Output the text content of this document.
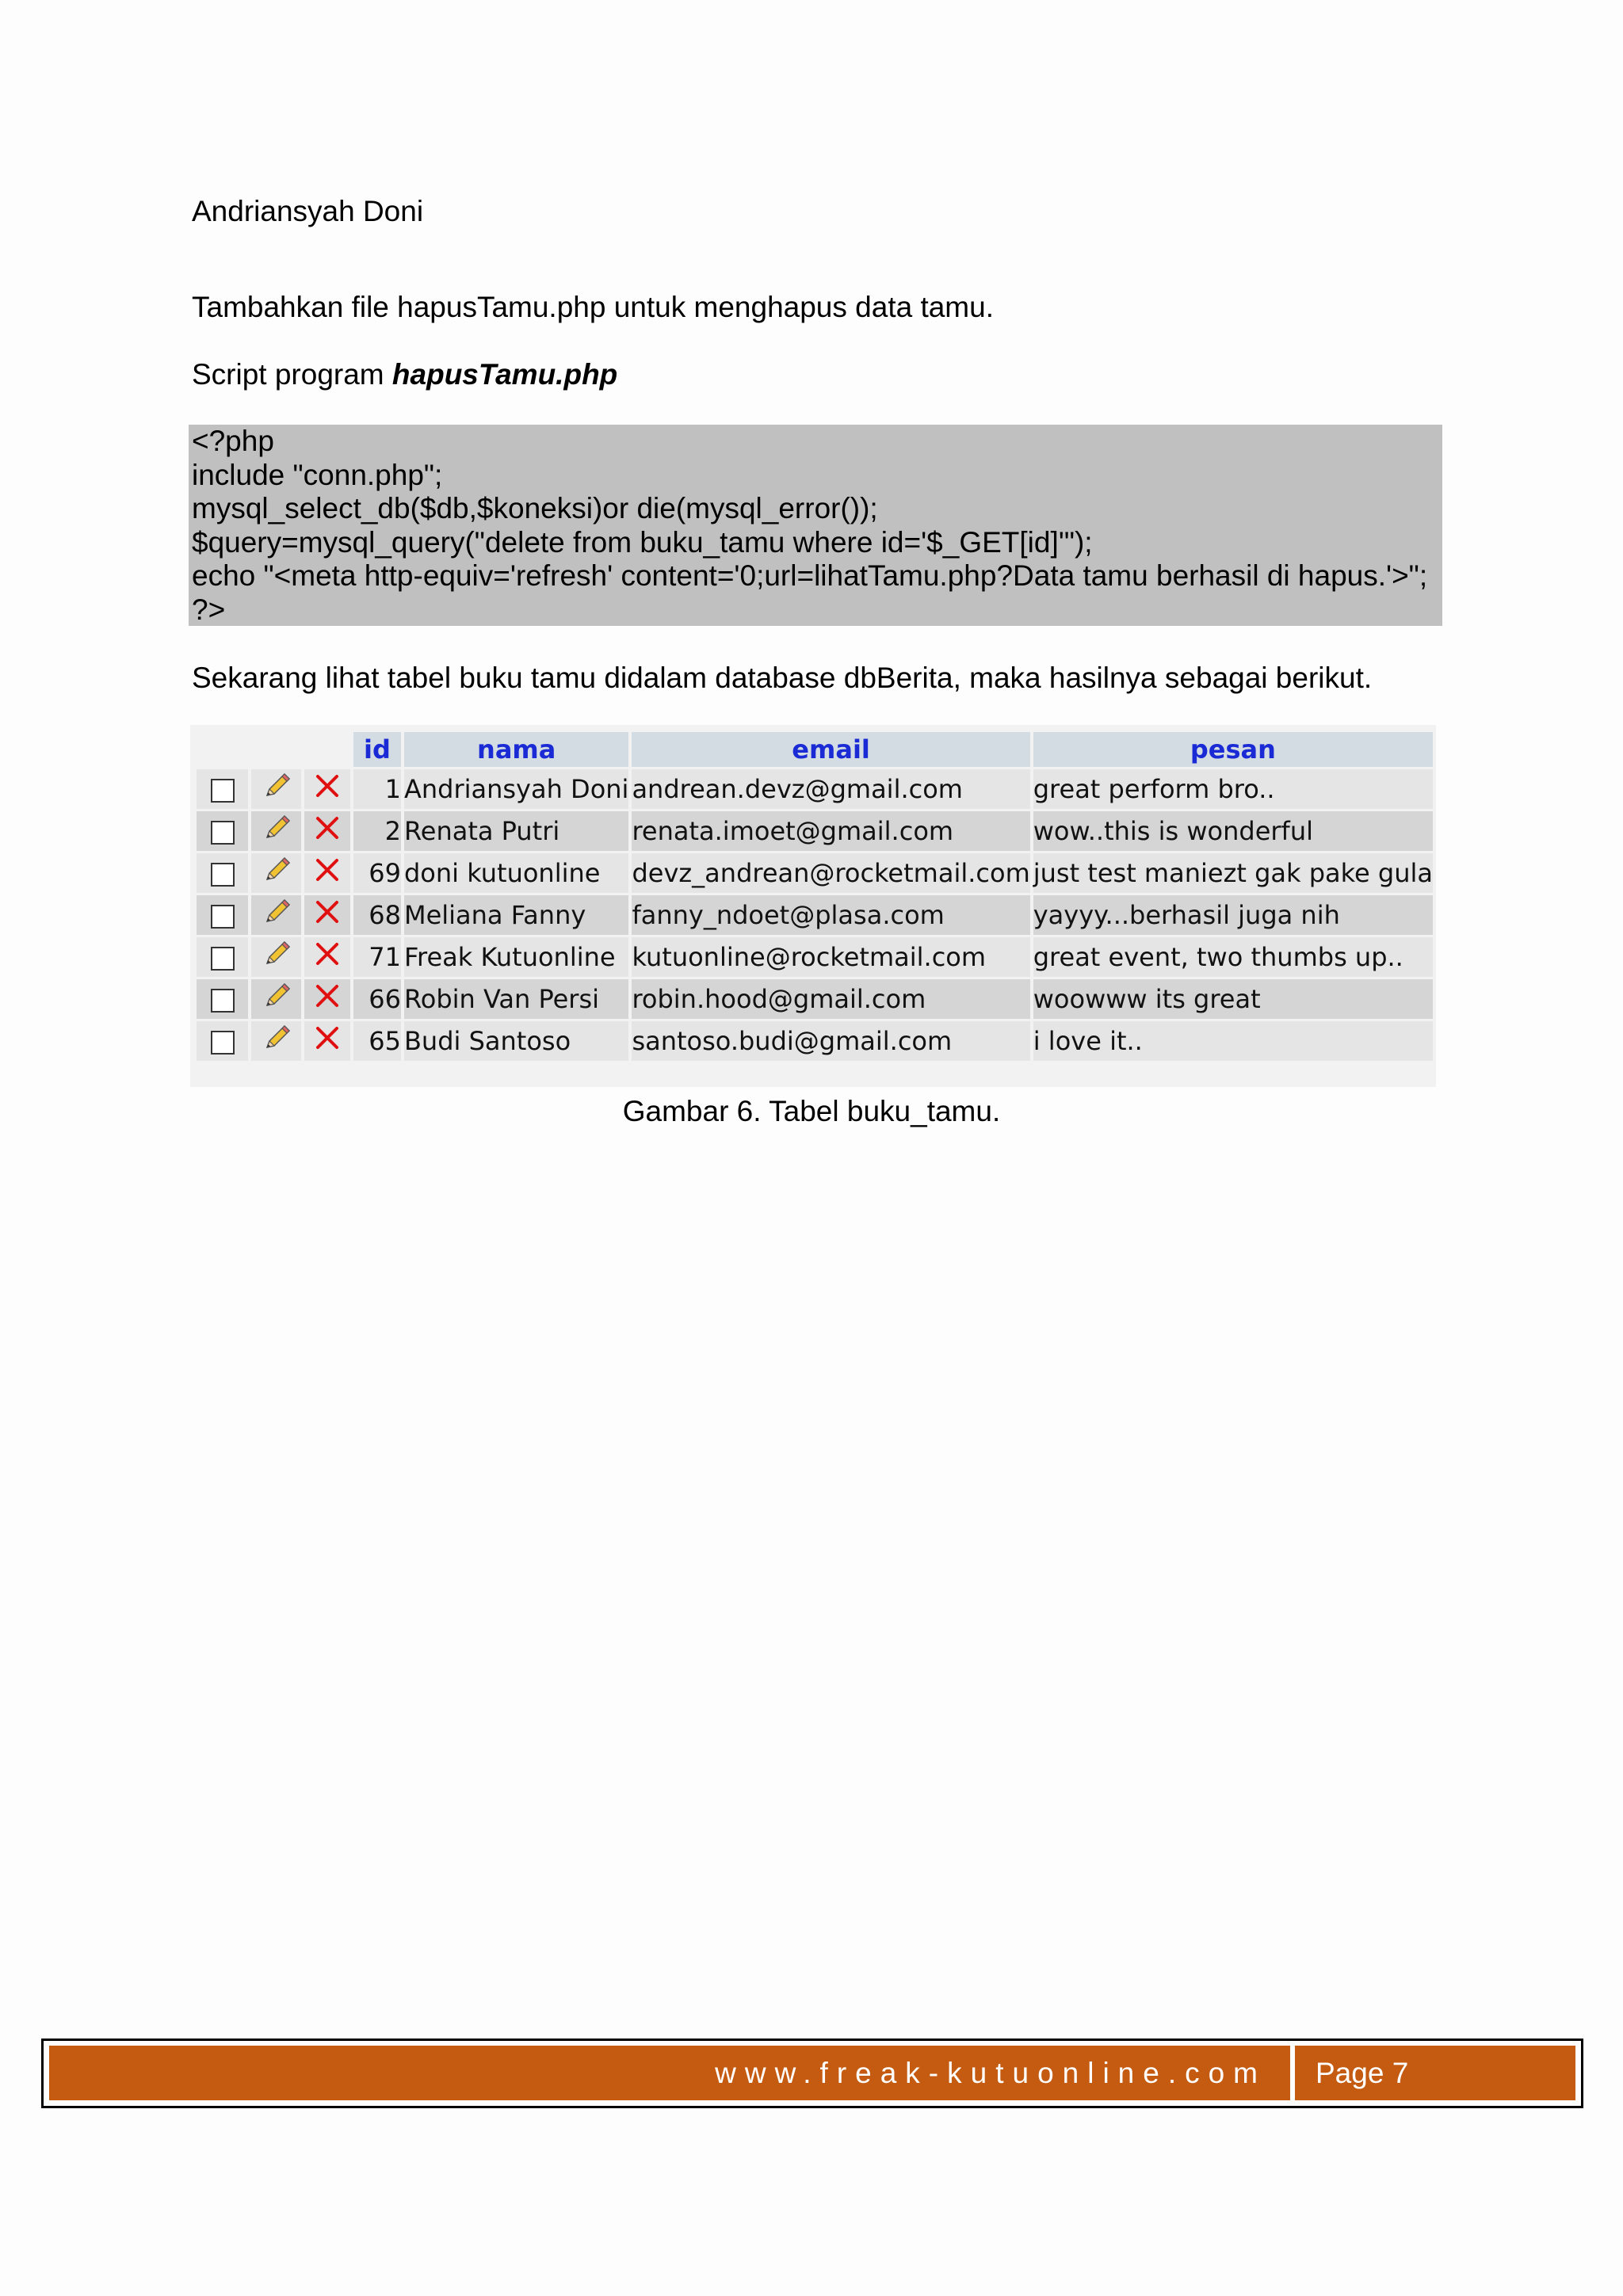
Andriansyah Doni
Tambahkan file hapusTamu.php untuk menghapus data tamu.
Script program hapusTamu.php
<?php
include "conn.php";
mysql_select_db($db,$koneksi)or die(mysql_error());
$query=mysql_query("delete from buku_tamu where id='$_GET[id]'");
echo "<meta http-equiv='refresh' content='0;url=lihatTamu.php?Data tamu berhasil di hapus.'>";
?>
Sekarang lihat tabel buku tamu didalam database dbBerita, maka hasilnya sebagai berikut.
			id	nama	email	pesan
			1	Andriansyah Doni	andrean.devz@gmail.com	great perform bro..
			2	Renata Putri	renata.imoet@gmail.com	wow..this is wonderful
			69	doni kutuonline	devz_andrean@rocketmail.com	just test maniezt gak pake gula
			68	Meliana Fanny	fanny_ndoet@plasa.com	yayyy...berhasil juga nih
			71	Freak Kutuonline	kutuonline@rocketmail.com	great event, two thumbs up..
			66	Robin Van Persi	robin.hood@gmail.com	woowww its great
			65	Budi Santoso	santoso.budi@gmail.com	i love it..
Gambar 6. Tabel buku_tamu.
www.freak-kutuonline.com	Page 7
